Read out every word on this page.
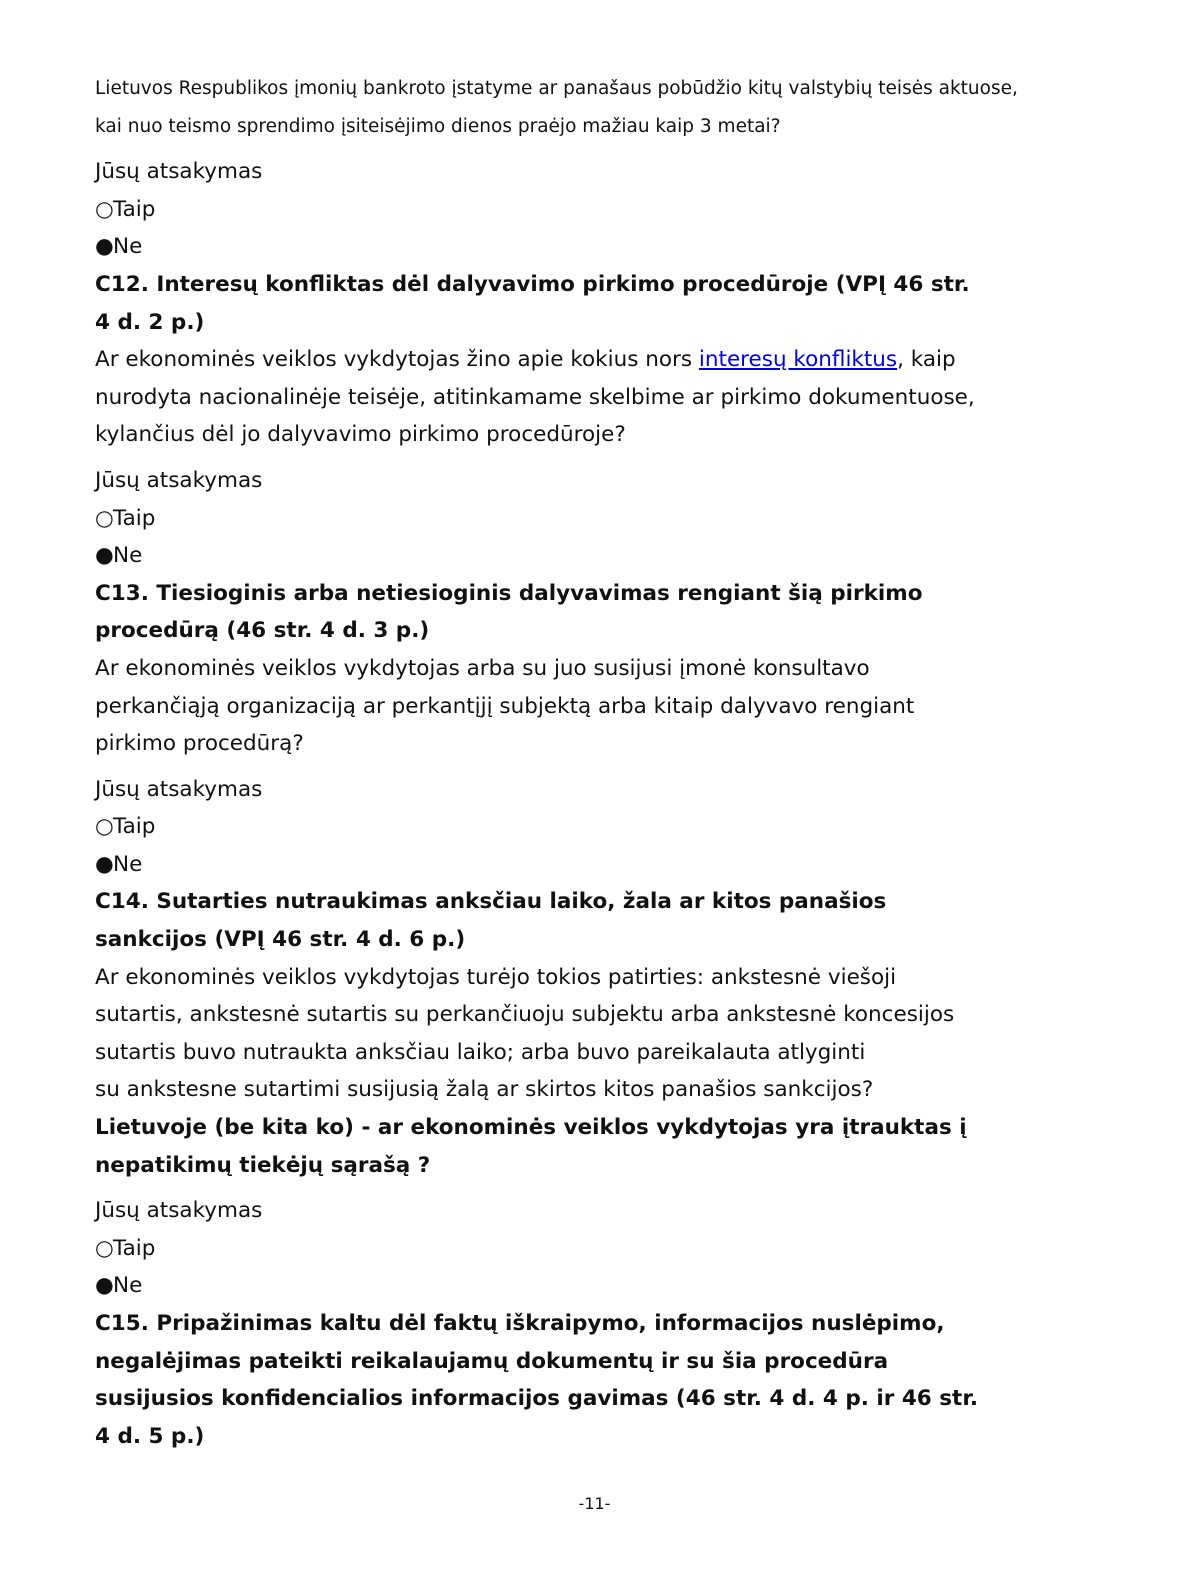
Lietuvos Respublikos įmonių bankroto įstatyme ar panašaus pobūdžio kitų valstybių teisės aktuose,
kai nuo teismo sprendimo įsiteisėjimo dienos praėjo mažiau kaip 3 metai?
Jūsų atsakymas
○Taip
●Ne
C12. Interesų konfliktas dėl dalyvavimo pirkimo procedūroje (VPĮ 46 str.
4 d. 2 p.)
Ar ekonominės veiklos vykdytojas žino apie kokius nors interesų konfliktus, kaip
nurodyta nacionalinėje teisėje, atitinkamame skelbime ar pirkimo dokumentuose,
kylančius dėl jo dalyvavimo pirkimo procedūroje?
Jūsų atsakymas
○Taip
●Ne
C13. Tiesioginis arba netiesioginis dalyvavimas rengiant šią pirkimo
procedūrą (46 str. 4 d. 3 p.)
Ar ekonominės veiklos vykdytojas arba su juo susijusi įmonė konsultavo
perkančiąją organizaciją ar perkantįjį subjektą arba kitaip dalyvavo rengiant
pirkimo procedūrą?
Jūsų atsakymas
○Taip
●Ne
C14. Sutarties nutraukimas anksčiau laiko, žala ar kitos panašios
sankcijos (VPĮ 46 str. 4 d. 6 p.)
Ar ekonominės veiklos vykdytojas turėjo tokios patirties: ankstesnė viešoji
sutartis, ankstesnė sutartis su perkančiuoju subjektu arba ankstesnė koncesijos
sutartis buvo nutraukta anksčiau laiko; arba buvo pareikalauta atlyginti
su ankstesne sutartimi susijusią žalą ar skirtos kitos panašios sankcijos?
Lietuvoje (be kita ko) - ar ekonominės veiklos vykdytojas yra įtrauktas į
nepatikimų tiekėjų sąrašą ?
Jūsų atsakymas
○Taip
●Ne
C15. Pripažinimas kaltu dėl faktų iškraipymo, informacijos nuslėpimo,
negalėjimas pateikti reikalaujamų dokumentų ir su šia procedūra
susijusios konfidencialios informacijos gavimas (46 str. 4 d. 4 p. ir 46 str.
4 d. 5 p.)
-11-
